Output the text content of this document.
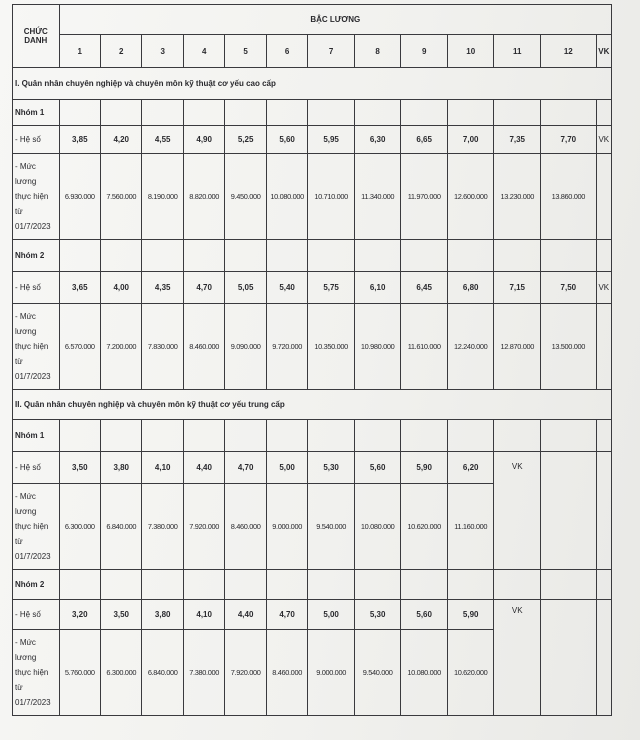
CHỨC
DANH	BẬC LƯƠNG												
	1	2	3	4	5	6	7	8	9	10	11	12	VK
I. Quân nhân chuyên nghiệp và chuyên môn kỹ thuật cơ yếu cao cấp													
Nhóm 1													
- Hệ số	3,85	4,20	4,55	4,90	5,25	5,60	5,95	6,30	6,65	7,00	7,35	7,70	VK

- Mức
lương
thực hiện
từ
01/7/2023	6.930.000	7.560.000	8.190.000	8.820.000	9.450.000	10.080.000	10.710.000	11.340.000	11.970.000	12.600.000	13.230.000	13.860.000	
Nhóm 2													
- Hệ số	3,65	4,00	4,35	4,70	5,05	5,40	5,75	6,10	6,45	6,80	7,15	7,50	VK

- Mức
lương
thực hiện
từ
01/7/2023	6.570.000	7.200.000	7.830.000	8.460.000	9.090.000	9.720.000	10.350.000	10.980.000	11.610.000	12.240.000	12.870.000	13.500.000	
II. Quân nhân chuyên nghiệp và chuyên môn kỹ thuật cơ yếu trung cấp													
Nhóm 1													
- Hệ số	3,50	3,80	4,10	4,40	4,70	5,00	5,30	5,60	5,90	6,20	VK		

- Mức
lương
thực hiện
từ
01/7/2023	6.300.000	6.840.000	7.380.000	7.920.000	8.460.000	9.000.000	9.540.000	10.080.000	10.620.000	11.160.000			
Nhóm 2													
- Hệ số	3,20	3,50	3,80	4,10	4,40	4,70	5,00	5,30	5,60	5,90	VK		

- Mức
lương
thực hiện
từ
01/7/2023	5.760.000	6.300.000	6.840.000	7.380.000	7.920.000	8.460.000	9.000.000	9.540.000	10.080.000	10.620.000			
